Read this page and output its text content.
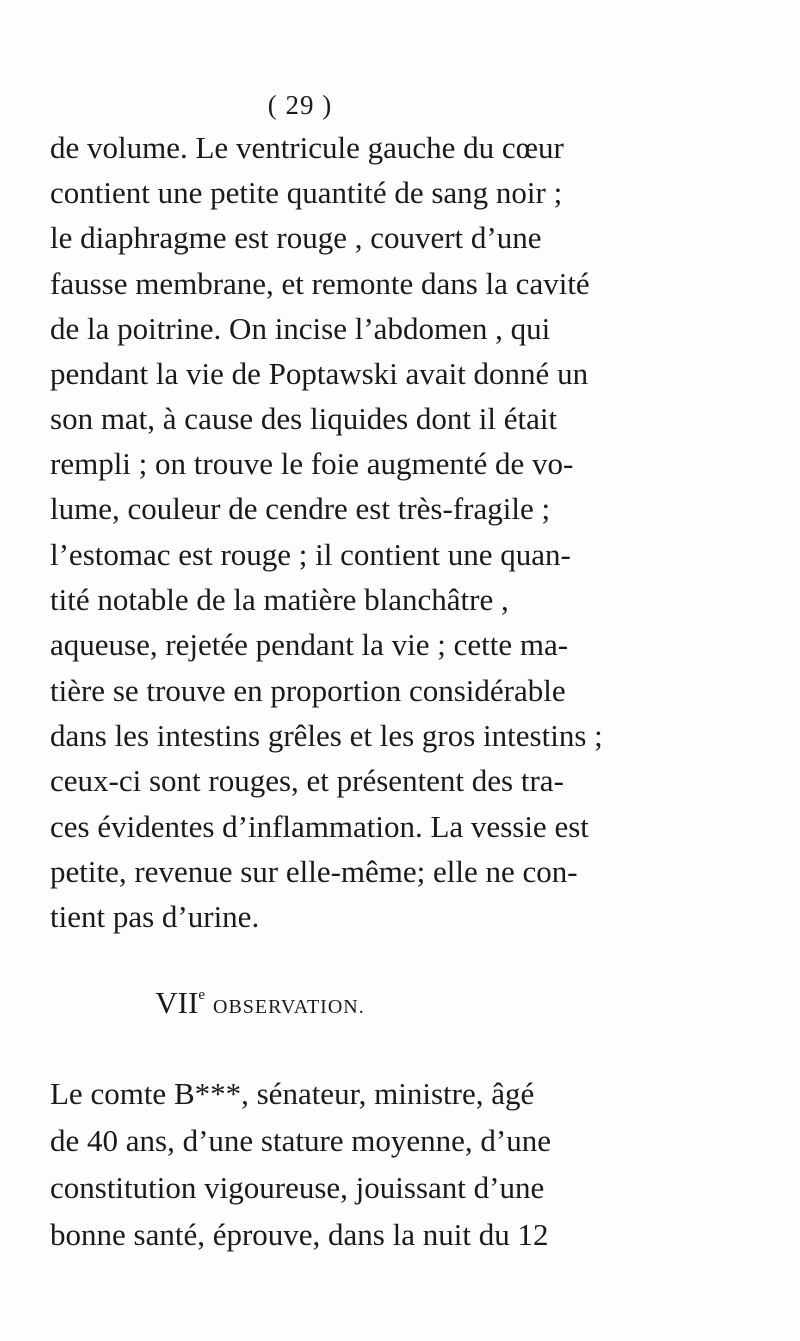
( 29 )
de volume. Le ventricule gauche du cœur
contient une petite quantité de sang noir ;
le diaphragme est rouge , couvert d’une
fausse membrane, et remonte dans la cavité
de la poitrine. On incise l’abdomen , qui
pendant la vie de Poptawski avait donné un
son mat, à cause des liquides dont il était
rempli ; on trouve le foie augmenté de vo-
lume, couleur de cendre est très-fragile ;
l’estomac est rouge ; il contient une quan-
tité notable de la matière blanchâtre ,
aqueuse, rejetée pendant la vie ; cette ma-
tière se trouve en proportion considérable
dans les intestins grêles et les gros intestins ;
ceux-ci sont rouges, et présentent des tra-
ces évidentes d’inflammation. La vessie est
petite, revenue sur elle-même; elle ne con-
tient pas d’urine.
VIIeOBSERVATION.
Le comte B***, sénateur, ministre, âgé
de 40 ans, d’une stature moyenne, d’une
constitution vigoureuse, jouissant d’une
bonne santé, éprouve, dans la nuit du 12
